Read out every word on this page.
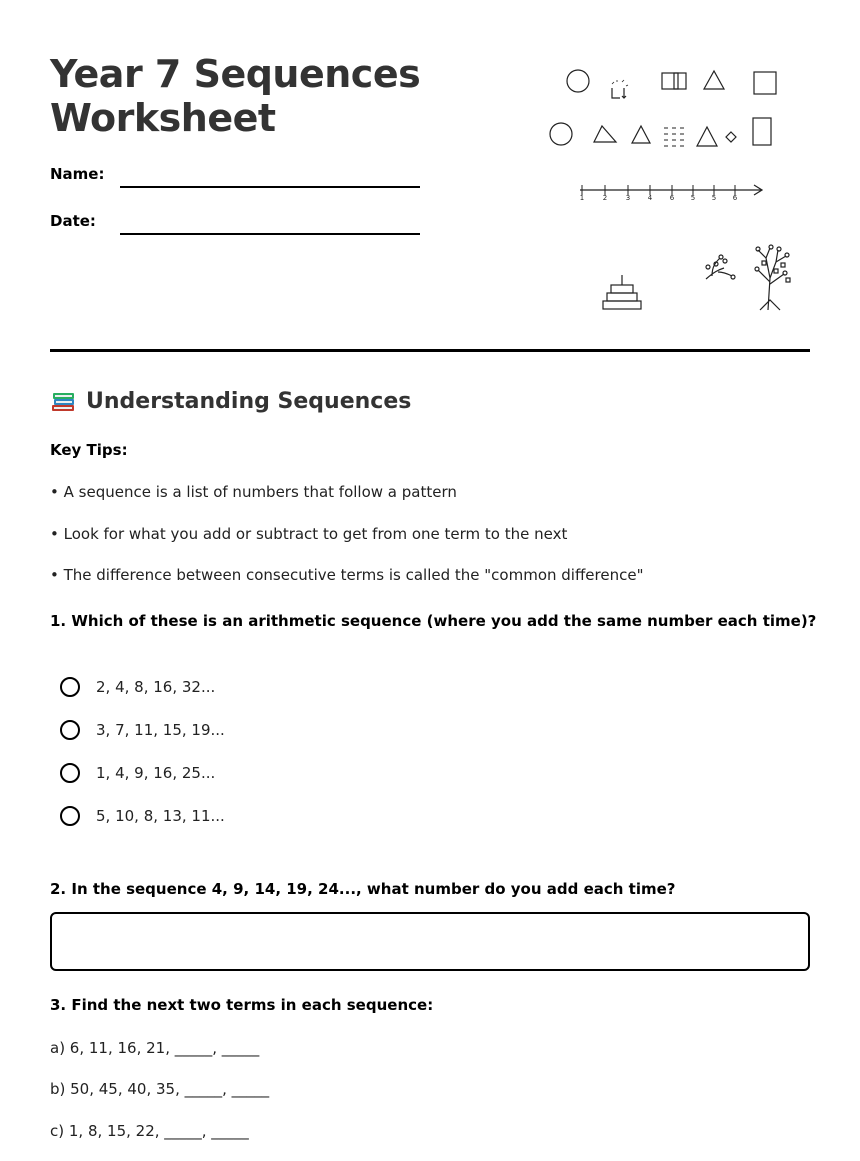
Year 7 Sequences
Worksheet
Name:
Date:
1	2	3	4	6 5 5 6
Understanding Sequences
Key Tips:
• A sequence is a list of numbers that follow a pattern
• Look for what you add or subtract to get from one term to the next
• The difference between consecutive terms is called the "common difference"
1. Which of these is an arithmetic sequence (where you add the same number each time)?
2, 4, 8, 16, 32...
3, 7, 11, 15, 19...
1, 4, 9, 16, 25...
5, 10, 8, 13, 11...
2. In the sequence 4, 9, 14, 19, 24..., what number do you add each time?
3. Find the next two terms in each sequence:
a) 6, 11, 16, 21, _____, _____
b) 50, 45, 40, 35, _____, _____
c) 1, 8, 15, 22, _____, _____
